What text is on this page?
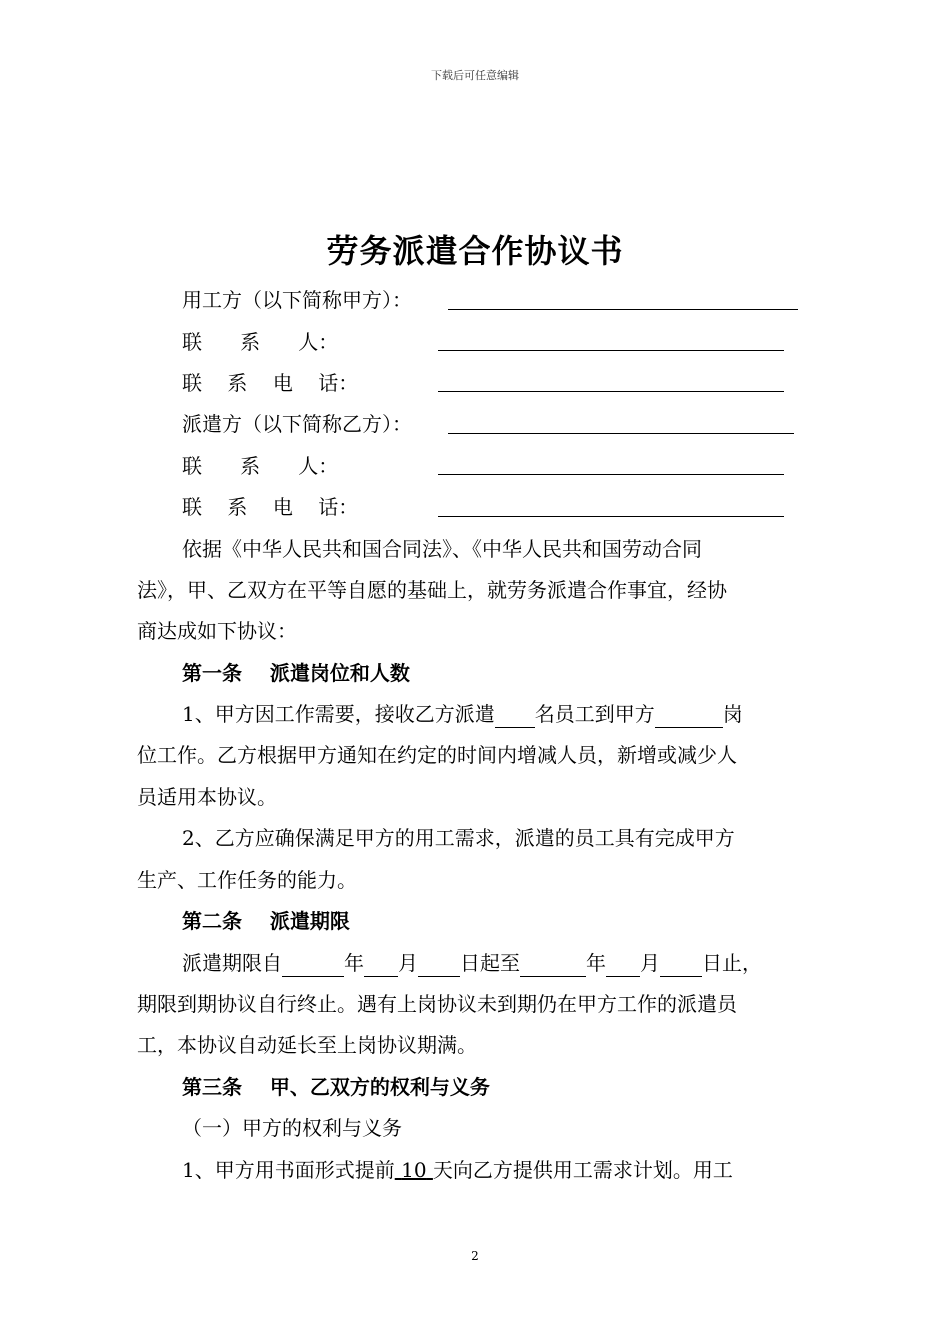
下载后可任意编辑
劳务派遣合作协议书
用工方（以下简称甲方）：
联      系      人：
联    系    电    话：
派遣方（以下简称乙方）：
联      系      人：
联    系    电    话：
依据《中华人民共和国合同法》、《中华人民共和国劳动合同
法》，甲、乙双方在平等自愿的基础上，就劳务派遣合作事宜，经协
商达成如下协议：
第一条    派遣岗位和人数
1、甲方因工作需要，接收乙方派遣 名员工到甲方	岗
位工作。乙方根据甲方通知在约定的时间内增减人员，新增或减少人
员适用本协议。
2、乙方应确保满足甲方的用工需求，派遣的员工具有完成甲方
生产、工作任务的能力。
第二条    派遣期限
派遣期限自	年 月 日起至	年 月 日止，
期限到期协议自行终止。遇有上岗协议未到期仍在甲方工作的派遣员
工，本协议自动延长至上岗协议期满。
第三条    甲、乙双方的权利与义务
（一）甲方的权利与义务
1、甲方用书面形式提前 10 天向乙方提供用工需求计划。用工
2
